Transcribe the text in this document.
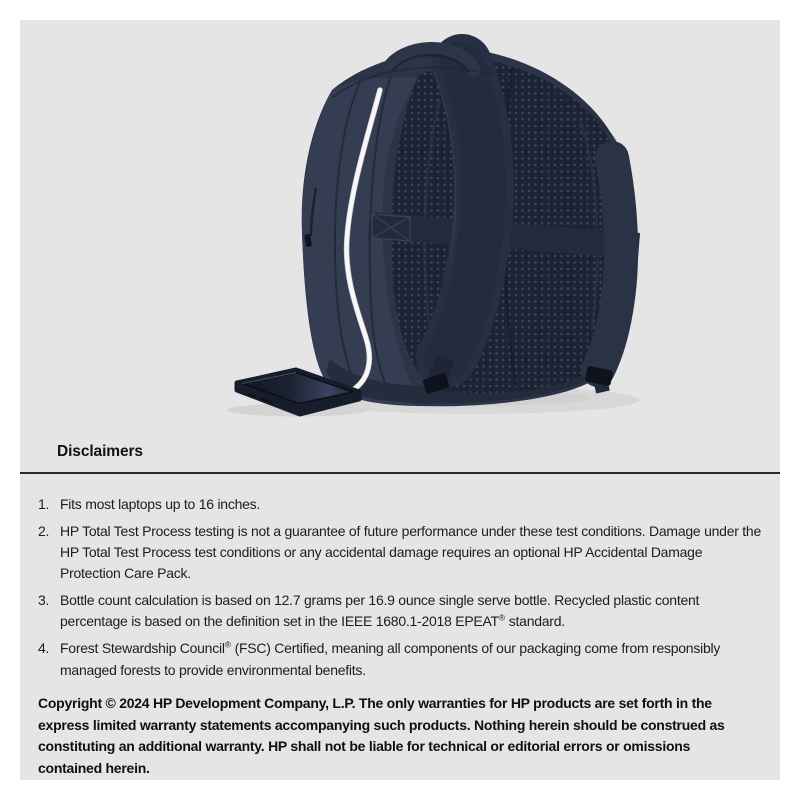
Disclaimers
1. Fits most laptops up to 16 inches.
2. HP Total Test Process testing is not a guarantee of future performance under these test conditions. Damage under the HP Total Test Process test conditions or any accidental damage requires an optional HP Accidental Damage Protection Care Pack.
3. Bottle count calculation is based on 12.7 grams per 16.9 ounce single serve bottle. Recycled plastic content percentage is based on the definition set in the IEEE 1680.1-2018 EPEAT® standard.
4. Forest Stewardship Council® (FSC) Certified, meaning all components of our packaging come from responsibly managed forests to provide environmental benefits.

Copyright © 2024 HP Development Company, L.P. The only warranties for HP products are set forth in the express limited warranty statements accompanying such products. Nothing herein should be construed as constituting an additional warranty. HP shall not be liable for technical or editorial errors or omissions contained herein.
